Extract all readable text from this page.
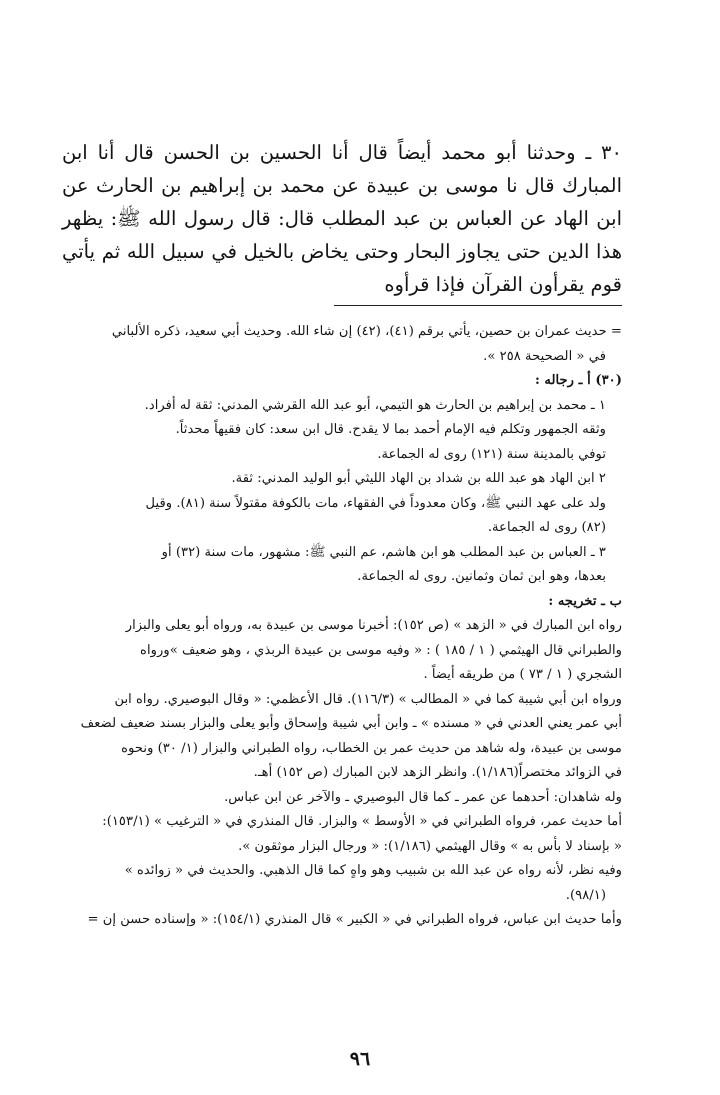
٣٠ ـ وحدثنا أبو محمد أيضاً قال أنا الحسين بن الحسن قال أنا ابن المبارك قال نا موسى بن عبيدة عن محمد بن إبراهيم بن الحارث عن ابن الهاد عن العباس بن عبد المطلب قال: قال رسول الله ﷺ: يظهر هذا الدين حتى يجاوز البحار وحتى يخاض بالخيل في سبيل الله ثم يأتي قوم يقرأون القرآن فإذا قرأوه

= حديث عمران بن حصين، يأتي برقم (٤١)، (٤٢) إن شاء الله. وحديث أبي سعيد، ذكره الألباني
في « الصحيحة ٢٥٨ ».
(٣٠) أ ـ رجاله :
١ ـ محمد بن إبراهيم بن الحارث هو التيمي، أبو عبد الله القرشي المدني: ثقة له أفراد.
وثقه الجمهور وتكلم فيه الإمام أحمد بما لا يقدح. قال ابن سعد: كان فقيهاً محدثاً.
توفي بالمدينة سنة (١٢١) روى له الجماعة.
٢ ابن الهاد هو عبد الله بن شداد بن الهاد الليثي أبو الوليد المدني: ثقة.
ولد على عهد النبي ﷺ، وكان معدوداً في الفقهاء، مات بالكوفة مقتولاً سنة (٨١). وقيل
(٨٢) روى له الجماعة.
٣ ـ العباس بن عبد المطلب هو ابن هاشم، عم النبي ﷺ: مشهور، مات سنة (٣٢) أو
بعدها، وهو ابن ثمان وثمانين. روى له الجماعة.
ب ـ تخريجه :
رواه ابن المبارك في « الزهد » (ص ١٥٢): أخبرنا موسى بن عبيدة به، ورواه أبو يعلى والبزار
والطبراني قال الهيثمي ( ١ / ١٨٥ ) : « وفيه موسى بن عبيدة الربذي ، وهو ضعيف »ورواه
الشجري ( ١ / ٧٣ ) من طريقه أيضاً .
ورواه ابن أبي شيبة كما في « المطالب » (١١٦/٣). قال الأعظمي: « وقال البوصيري. رواه ابن
أبي عمر يعني العدني في « مسنده » ـ وابن أبي شيبة وإسحاق وأبو يعلى والبزار بسند ضعيف لضعف
موسى بن عبيدة، وله شاهد من حديث عمر بن الخطاب، رواه الطبراني والبزار (١/ ٣٠) ونحوه
في الزوائد مختصراً(١/١٨٦). وانظر الزهد لابن المبارك (ص ١٥٢) أهـ.
وله شاهدان: أحدهما عن عمر ـ كما قال البوصيري ـ والآخر عن ابن عباس.
أما حديث عمر، فرواه الطبراني في « الأوسط » والبزار. قال المنذري في « الترغيب » (١٥٣/١):
« بإسناد لا بأس به » وقال الهيثمي (١/١٨٦): « ورجال البزار موثقون ».
وفيه نظر، لأنه رواه عن عبد الله بن شبيب وهو واهٍ كما قال الذهبي. والحديث في « زوائده »
(٩٨/١).
وأما حديث ابن عباس، فرواه الطبراني في « الكبير » قال المنذري (١٥٤/١): « وإسناده حسن إن =
٩٦
